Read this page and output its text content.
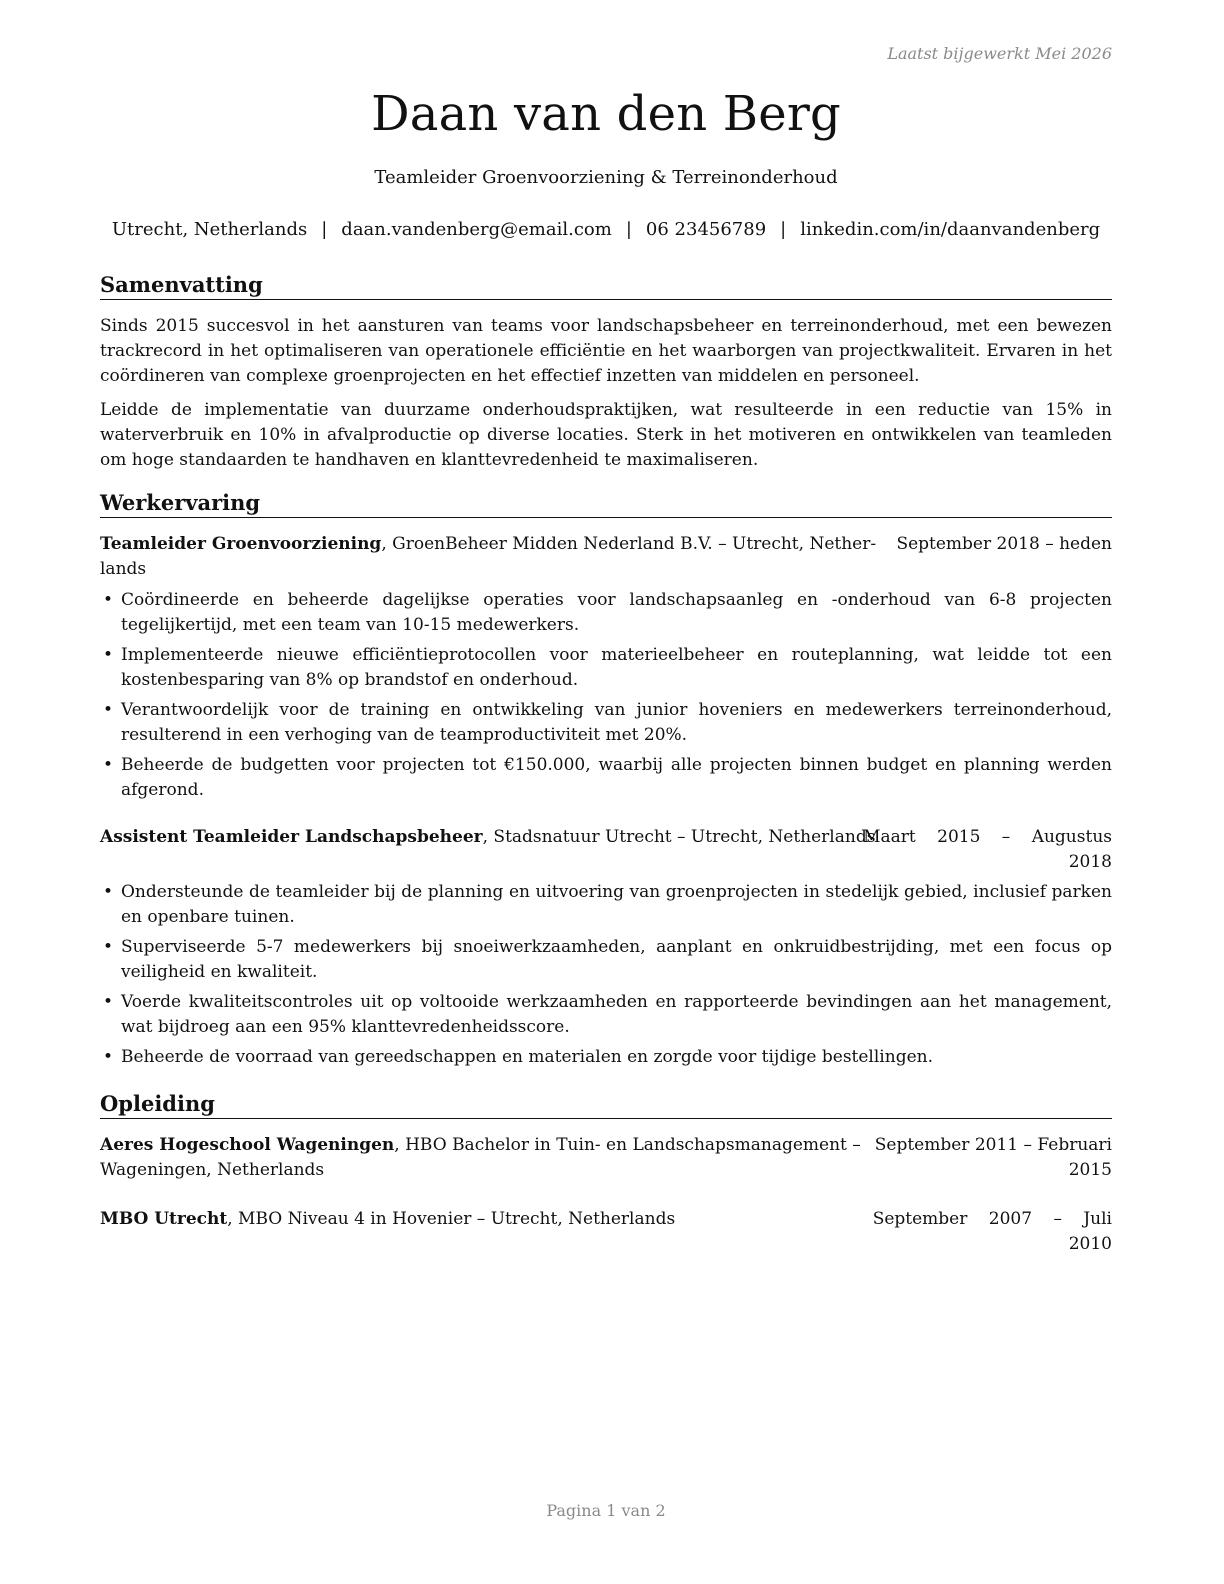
Laatst bijgewerkt Mei 2026
Daan van den Berg
Teamleider Groenvoorziening & Terreinonderhoud
Utrecht, Netherlands | daan.vandenberg@email.com | 06 23456789 | linkedin.com/in/daanvandenberg
Samenvatting
Sinds 2015 succesvol in het aansturen van teams voor landschapsbeheer en terreinonderhoud, met een bewezen trackrecord in het optimaliseren van operationele efficiëntie en het waarborgen van projectkwaliteit. Ervaren in het coördineren van complexe groenprojecten en het effectief inzetten van middelen en personeel.
Leidde de implementatie van duurzame onderhoudspraktijken, wat resulteerde in een reductie van 15% in waterverbruik en 10% in afvalproductie op diverse locaties. Sterk in het motiveren en ontwikkelen van teamleden om hoge standaarden te handhaven en klanttevredenheid te maximaliseren.
Werkervaring
Teamleider Groenvoorziening, GroenBeheer Midden Nederland B.V. – Utrecht, Nether-
lands
September 2018 – heden
• Coördineerde en beheerde dagelijkse operaties voor landschapsaanleg en -onderhoud van 6-8 projecten tegelijkertijd, met een team van 10-15 medewerkers.
• Implementeerde nieuwe efficiëntieprotocollen voor materieelbeheer en routeplanning, wat leidde tot een kostenbesparing van 8% op brandstof en onderhoud.
• Verantwoordelijk voor de training en ontwikkeling van junior hoveniers en medewerkers terreinonderhoud, resulterend in een verhoging van de teamproductiviteit met 20%.
• Beheerde de budgetten voor projecten tot €150.000, waarbij alle projecten binnen budget en planning werden afgerond.
Assistent Teamleider Landschapsbeheer, Stadsnatuur Utrecht – Utrecht, Netherlands
Maart 2015 – Augustus
2018
• Ondersteunde de teamleider bij de planning en uitvoering van groenprojecten in stedelijk gebied, inclusief parken en openbare tuinen.
• Superviseerde 5-7 medewerkers bij snoeiwerkzaamheden, aanplant en onkruidbestrijding, met een focus op veiligheid en kwaliteit.
• Voerde kwaliteitscontroles uit op voltooide werkzaamheden en rapporteerde bevindingen aan het management, wat bijdroeg aan een 95% klanttevredenheidsscore.
• Beheerde de voorraad van gereedschappen en materialen en zorgde voor tijdige bestellingen.
Opleiding
Aeres Hogeschool Wageningen, HBO Bachelor in Tuin- en Landschapsmanagement –
Wageningen, Netherlands
September 2011 – Februari
2015
MBO Utrecht, MBO Niveau 4 in Hovenier – Utrecht, Netherlands	September 2007 – Juli
2010
Pagina 1 van 2
